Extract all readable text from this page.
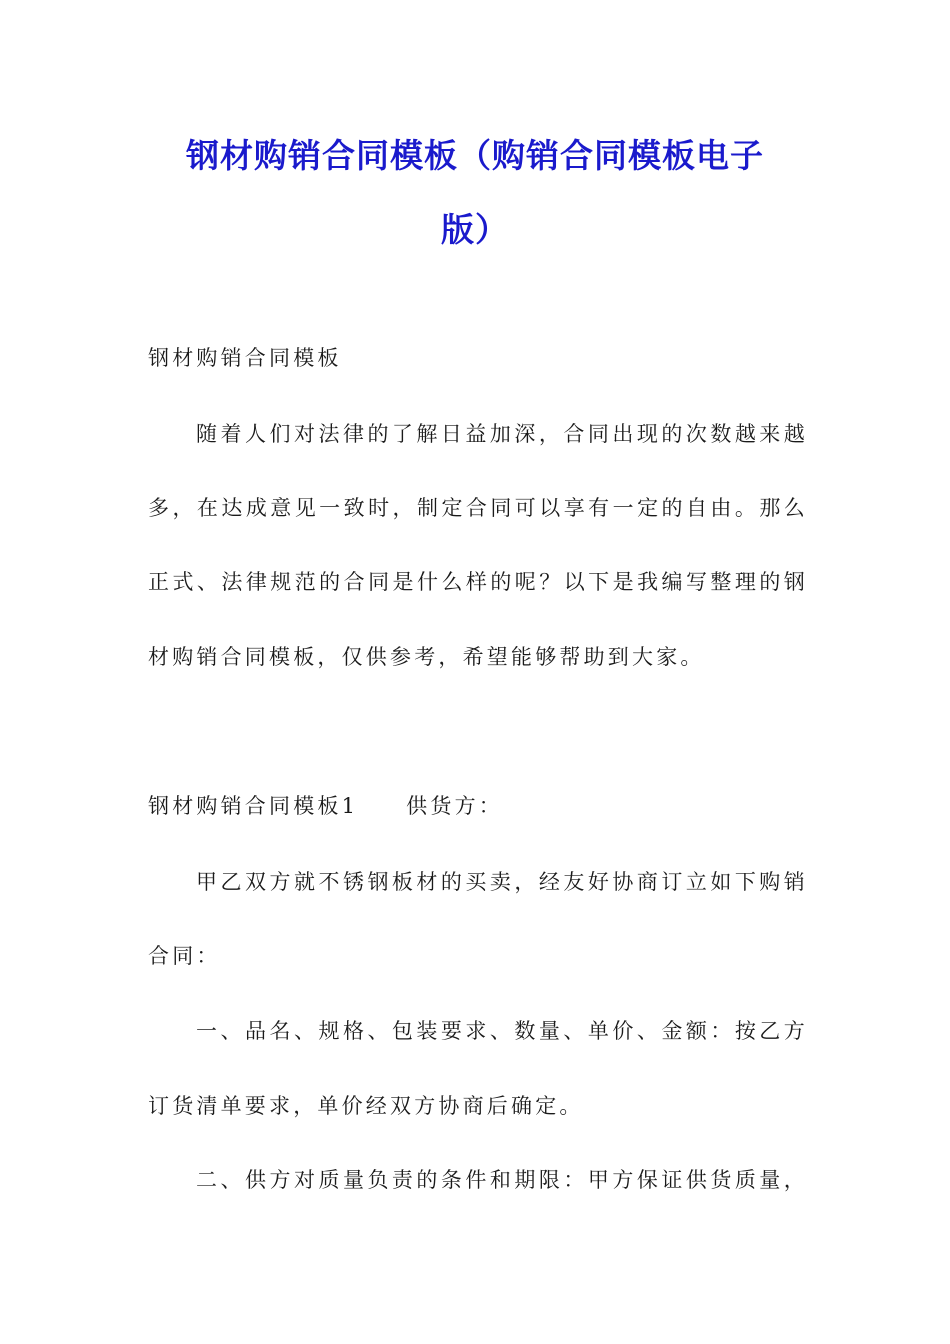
钢材购销合同模板（购销合同模板电子
版）
钢材购销合同模板
随着人们对法律的了解日益加深，合同出现的次数越来越
多，在达成意见一致时，制定合同可以享有一定的自由。那么
正式、法律规范的合同是什么样的呢？以下是我编写整理的钢
材购销合同模板，仅供参考，希望能够帮助到大家。
钢材购销合同模板1 供货方：
甲乙双方就不锈钢板材的买卖，经友好协商订立如下购销
合同：
一、品名、规格、包装要求、数量、单价、金额：按乙方
订货清单要求，单价经双方协商后确定。
二、供方对质量负责的条件和期限：甲方保证供货质量，
